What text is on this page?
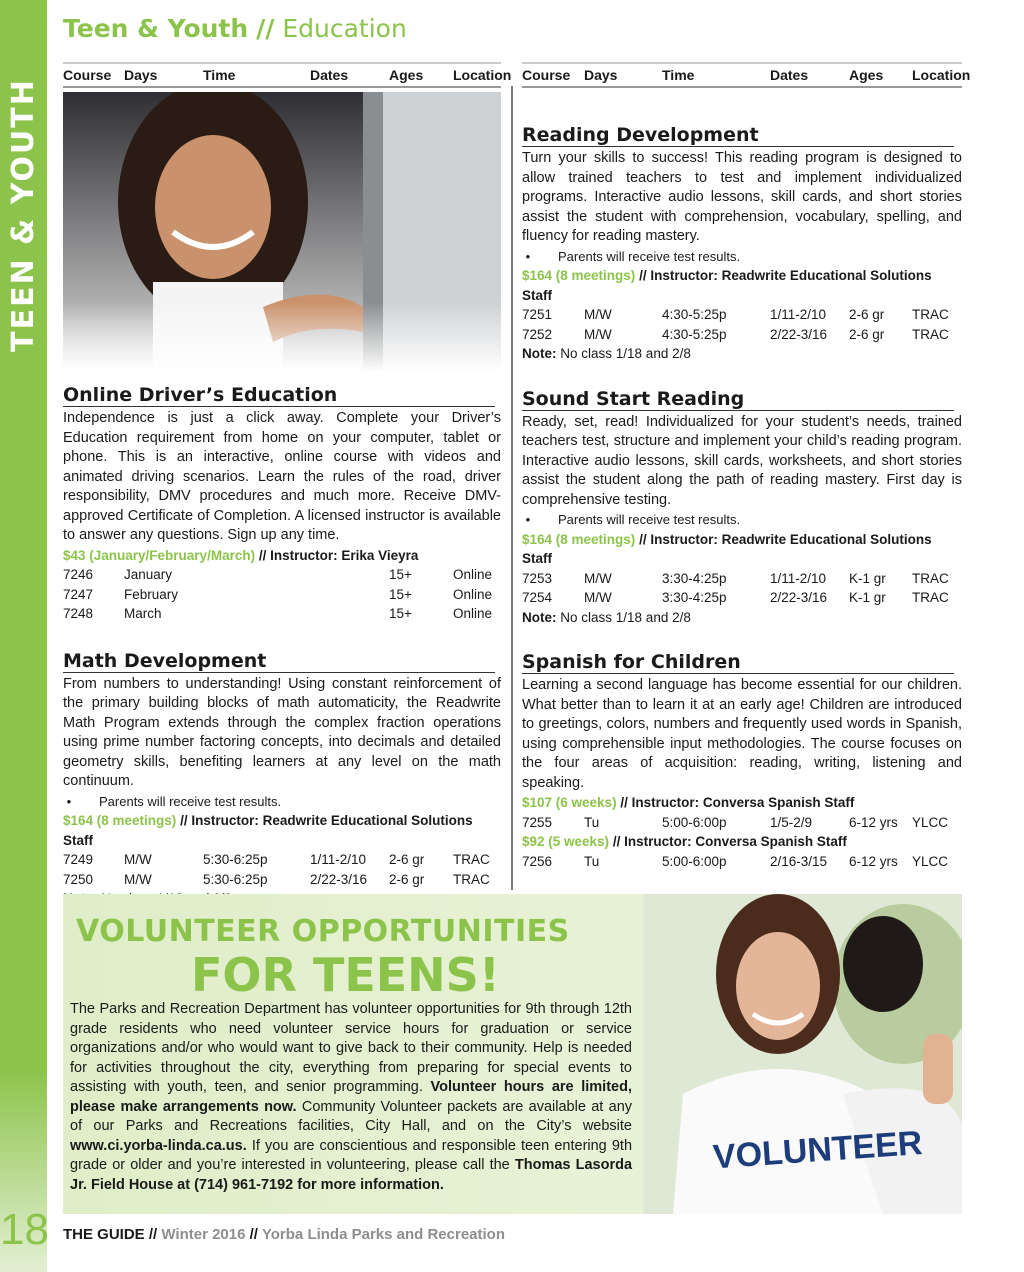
TEEN & YOUTH
18
Teen & Youth // Education
Course Days	Time	Dates	Ages Location Course Days	Time	Dates	Ages Location
Online Driver’s Education

Independence is just a click away. Complete your Driver’s Education requirement from home on your computer, tablet or phone. This is an interactive, online course with videos and animated driving scenarios. Learn the rules of the road, driver responsibility, DMV procedures and much more. Receive DMV-approved Certificate of Completion. A licensed instructor is available to answer any questions. Sign up any time.

$43 (January/February/March) // Instructor: Erika Vieyra

7246 January	15+	Online
7247 February	15+	Online
7248 March	15+	Online
Math Development

From numbers to understanding! Using constant reinforcement of the primary building blocks of math automaticity, the Readwrite Math Program extends through the complex fraction operations using prime number factoring concepts, into decimals and detailed geometry skills, benefiting learners at any level on the math continuum.

• Parents will receive test results.

$164 (8 meetings) // Instructor: Readwrite Educational Solutions Staff

7249 M/W	5:30-6:25p	1/11-2/10 2-6 gr TRAC
7250 M/W	5:30-6:25p	2/22-3/16 2-6 gr TRAC

Reading Development

Turn your skills to success! This reading program is designed to allow trained teachers to test and implement individualized programs. Interactive audio lessons, skill cards, and short stories assist the student with comprehension, vocabulary, spelling, and fluency for reading mastery.

• Parents will receive test results.

$164 (8 meetings) // Instructor: Readwrite Educational Solutions Staff

7251 M/W	4:30-5:25p	1/11-2/10 2-6 gr TRAC
7252 M/W	4:30-5:25p	2/22-3/16 2-6 gr TRAC

Note: No class 1/18 and 2/8

Sound Start Reading

Ready, set, read! Individualized for your student’s needs, trained teachers test, structure and implement your child’s reading program. Interactive audio lessons, skill cards, worksheets, and short stories assist the student along the path of reading mastery. First day is comprehensive testing.

• Parents will receive test results.

$164 (8 meetings) // Instructor: Readwrite Educational Solutions Staff

7253 M/W	3:30-4:25p	1/11-2/10 K-1 gr TRAC
7254 M/W	3:30-4:25p	2/22-3/16 K-1 gr TRAC

Note: No class 1/18 and 2/8

Spanish for Children

Learning a second language has become essential for our children. What better than to learn it at an early age! Children are introduced to greetings, colors, numbers and frequently used words in Spanish, using comprehensible input methodologies. The course focuses on the four areas of acquisition: reading, writing, listening and speaking.

$107 (6 weeks) // Instructor: Conversa Spanish Staff

7255 Tu	5:00-6:00p	1/5-2/9	6-12 yrs YLCC

$92 (5 weeks) // Instructor: Conversa Spanish Staff

7256 Tu	5:00-6:00p	2/16-3/15 6-12 yrs YLCC
VOLUNTEER
VOLUNTEER OPPORTUNITIES
FOR TEENS!

The Parks and Recreation Department has volunteer opportunities for 9th through 12th grade residents who need volunteer service hours for graduation or service organizations and/or who would want to give back to their community. Help is needed for activities throughout the city, everything from preparing for special events to assisting with youth, teen, and senior programming. Volunteer hours are limited, please make arrangements now. Community Volunteer packets are available at any of our Parks and Recreations facilities, City Hall, and on the City’s website www.ci.yorba-linda.ca.us. If you are conscientious and responsible teen entering 9th grade or older and you’re interested in volunteering, please call the Thomas Lasorda Jr. Field House at (714) 961-7192 for more information.

THE GUIDE // Winter 2016 // Yorba Linda Parks and Recreation
